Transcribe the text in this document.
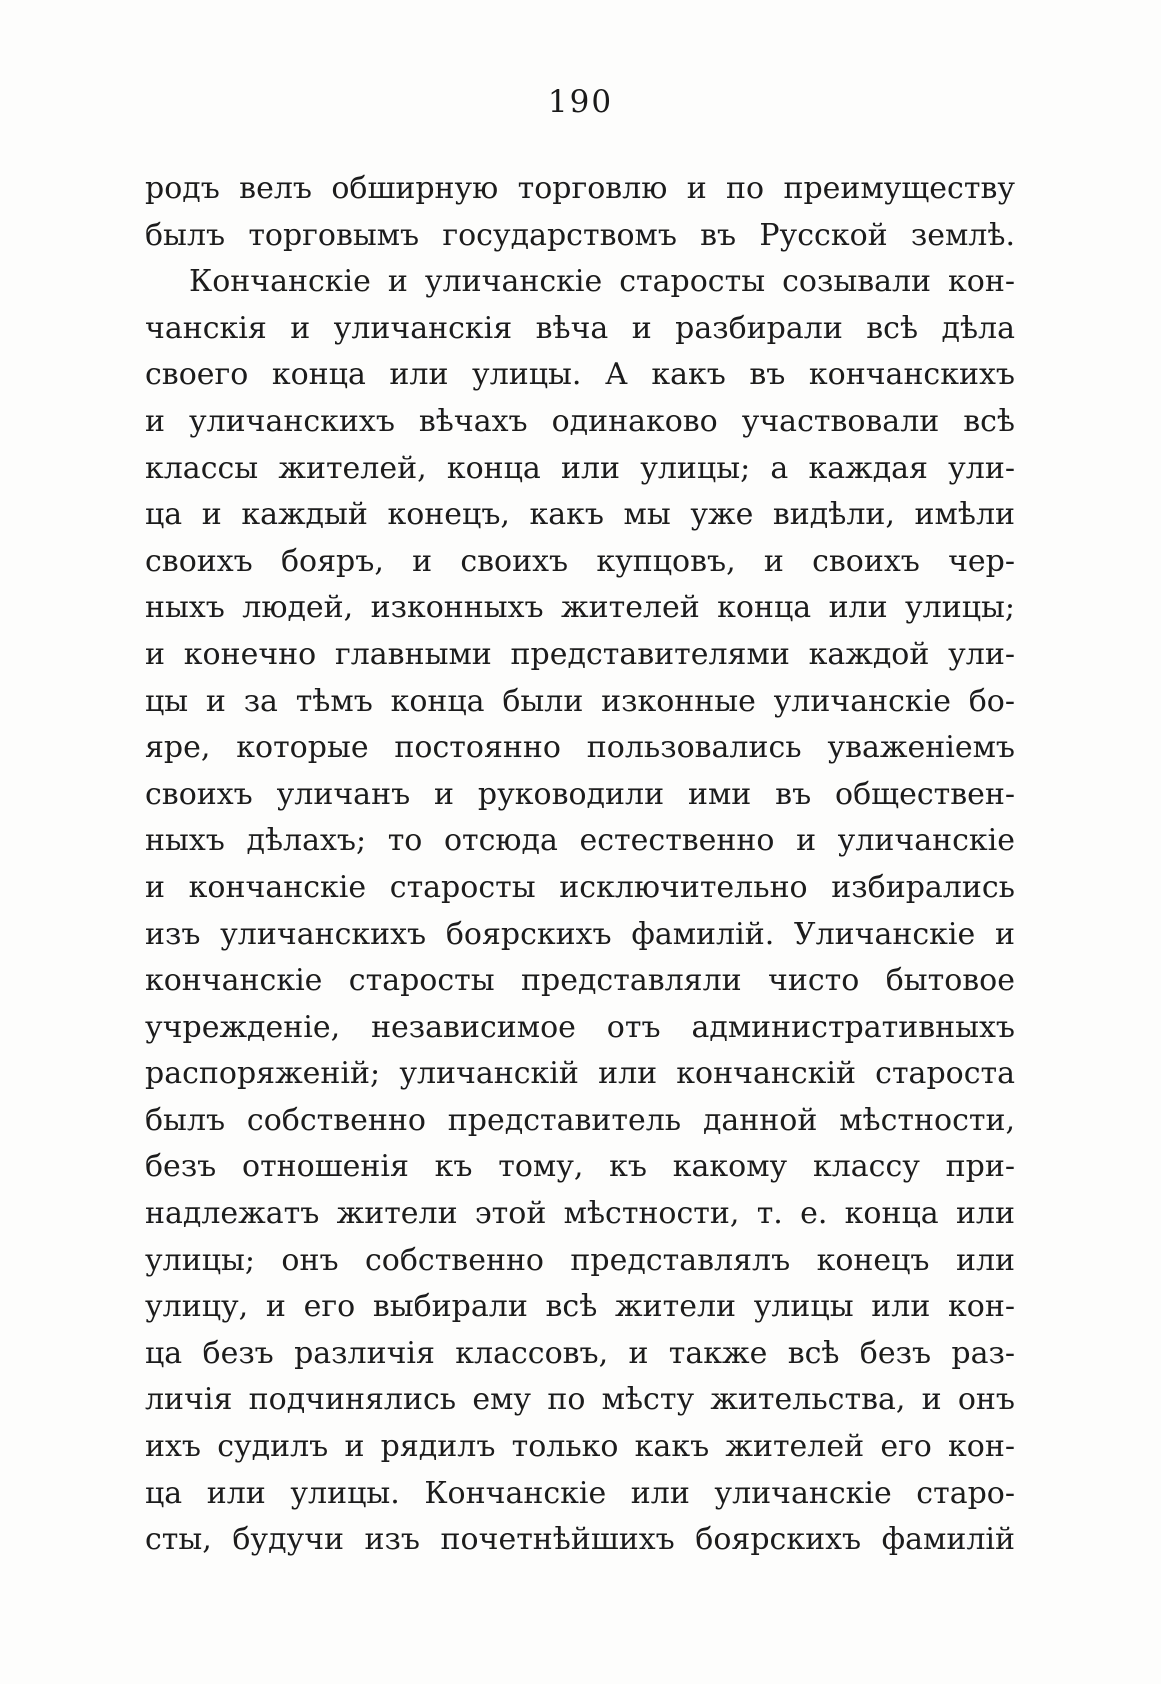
190
родъ велъ обширную торговлю и по преимуществу
былъ торговымъ государствомъ въ Русской землѣ.
Кончанскіе и уличанскіе старосты созывали кон-
чанскія и уличанскія вѣча и разбирали всѣ дѣла
своего конца или улицы. А какъ въ кончанскихъ
и уличанскихъ вѣчахъ одинаково участвовали всѣ
классы жителей, конца или улицы; а каждая ули-
ца и каждый конецъ, какъ мы уже видѣли, имѣли
своихъ бояръ, и своихъ купцовъ, и своихъ чер-
ныхъ людей, изконныхъ жителей конца или улицы;
и конечно главными представителями каждой ули-
цы и за тѣмъ конца были изконные уличанскіе бо-
яре, которые постоянно пользовались уваженіемъ
своихъ уличанъ и руководили ими въ обществен-
ныхъ дѣлахъ; то отсюда естественно и уличанскіе
и кончанскіе старосты исключительно избирались
изъ уличанскихъ боярскихъ фамилій. Уличанскіе и
кончанскіе старосты представляли чисто бытовое
учрежденіе, независимое отъ административныхъ
распоряженій; уличанскій или кончанскій староста
былъ собственно представитель данной мѣстности,
безъ отношенія къ тому, къ какому классу при-
надлежатъ жители этой мѣстности, т. е. конца или
улицы; онъ собственно представлялъ конецъ или
улицу, и его выбирали всѣ жители улицы или кон-
ца безъ различія классовъ, и также всѣ безъ раз-
личія подчинялись ему по мѣсту жительства, и онъ
ихъ судилъ и рядилъ только какъ жителей его кон-
ца или улицы. Кончанскіе или уличанскіе старо-
сты, будучи изъ почетнѣйшихъ боярскихъ фамилій
